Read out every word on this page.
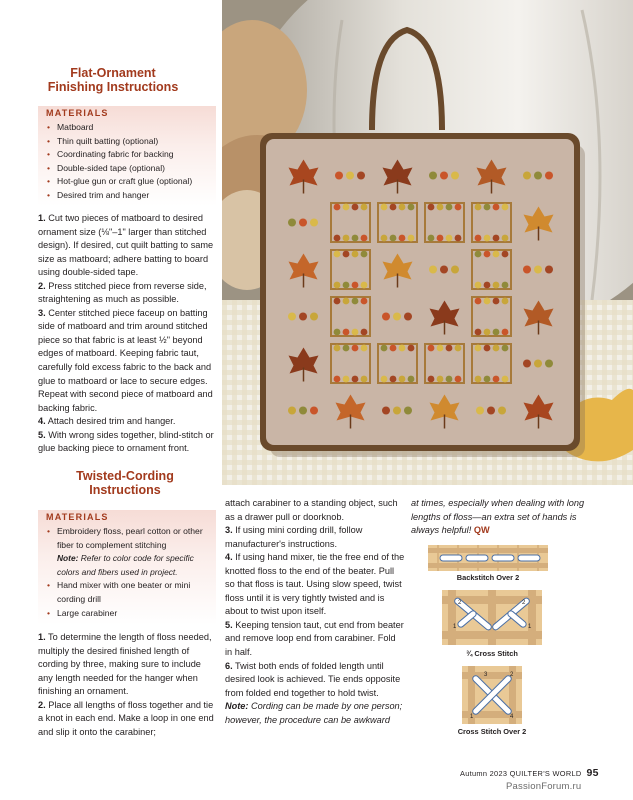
Flat-Ornament
Finishing Instructions
MATERIALS
• Matboard
• Thin quilt batting (optional)
• Coordinating fabric for backing
• Double-sided tape (optional)
• Hot-glue gun or craft glue (optional)
• Desired trim and hanger

1. Cut two pieces of matboard to desired ornament size (⅛"–1" larger than stitched design). If desired, cut quilt batting to same size as matboard; adhere batting to board using double-sided tape.

2. Press stitched piece from reverse side, straightening as much as possible.

3. Center stitched piece faceup on batting side of matboard and trim around stitched piece so that fabric is at least ½" beyond edges of matboard. Keeping fabric taut, carefully fold excess fabric to the back and glue to matboard or lace to secure edges. Repeat with second piece of matboard and backing fabric.

4. Attach desired trim and hanger.

5. With wrong sides together, blind-stitch or glue backing piece to ornament front.

Twisted-Cording
Instructions
MATERIALS
• Embroidery floss, pearl cotton or other fiber to complement stitching
Note: Refer to color code for specific colors and fibers used in project.
• Hand mixer with one beater or mini cording drill
• Large carabiner

1. To determine the length of floss needed, multiply the desired finished length of cording by three, making sure to include any length needed for the hanger when finishing an ornament.

2. Place all lengths of floss together and tie a knot in each end. Make a loop in one end and slip it onto the carabiner;

attach carabiner to a standing object, such as a drawer pull or doorknob.

3. If using mini cording drill, follow manufacturer's instructions.

4. If using hand mixer, tie the free end of the knotted floss to the end of the beater. Pull so that floss is taut. Using slow speed, twist floss until it is very tightly twisted and is about to twist upon itself.

5. Keeping tension taut, cut end from beater and remove loop end from carabiner. Fold in half.

6. Twist both ends of folded length until desired look is achieved. Tie ends opposite from folded end together to hold twist.

Note: Cording can be made by one person; however, the procedure can be awkward

at times, especially when dealing with long lengths of floss—an extra set of hands is always helpful! QW

Backstitch Over 2
1
2
1
2
¾ Cross Stitch
1
2
3
4
Cross Stitch Over 2
Autumn 2023 QUILTER'S WORLD 95
PassionForum.ru
